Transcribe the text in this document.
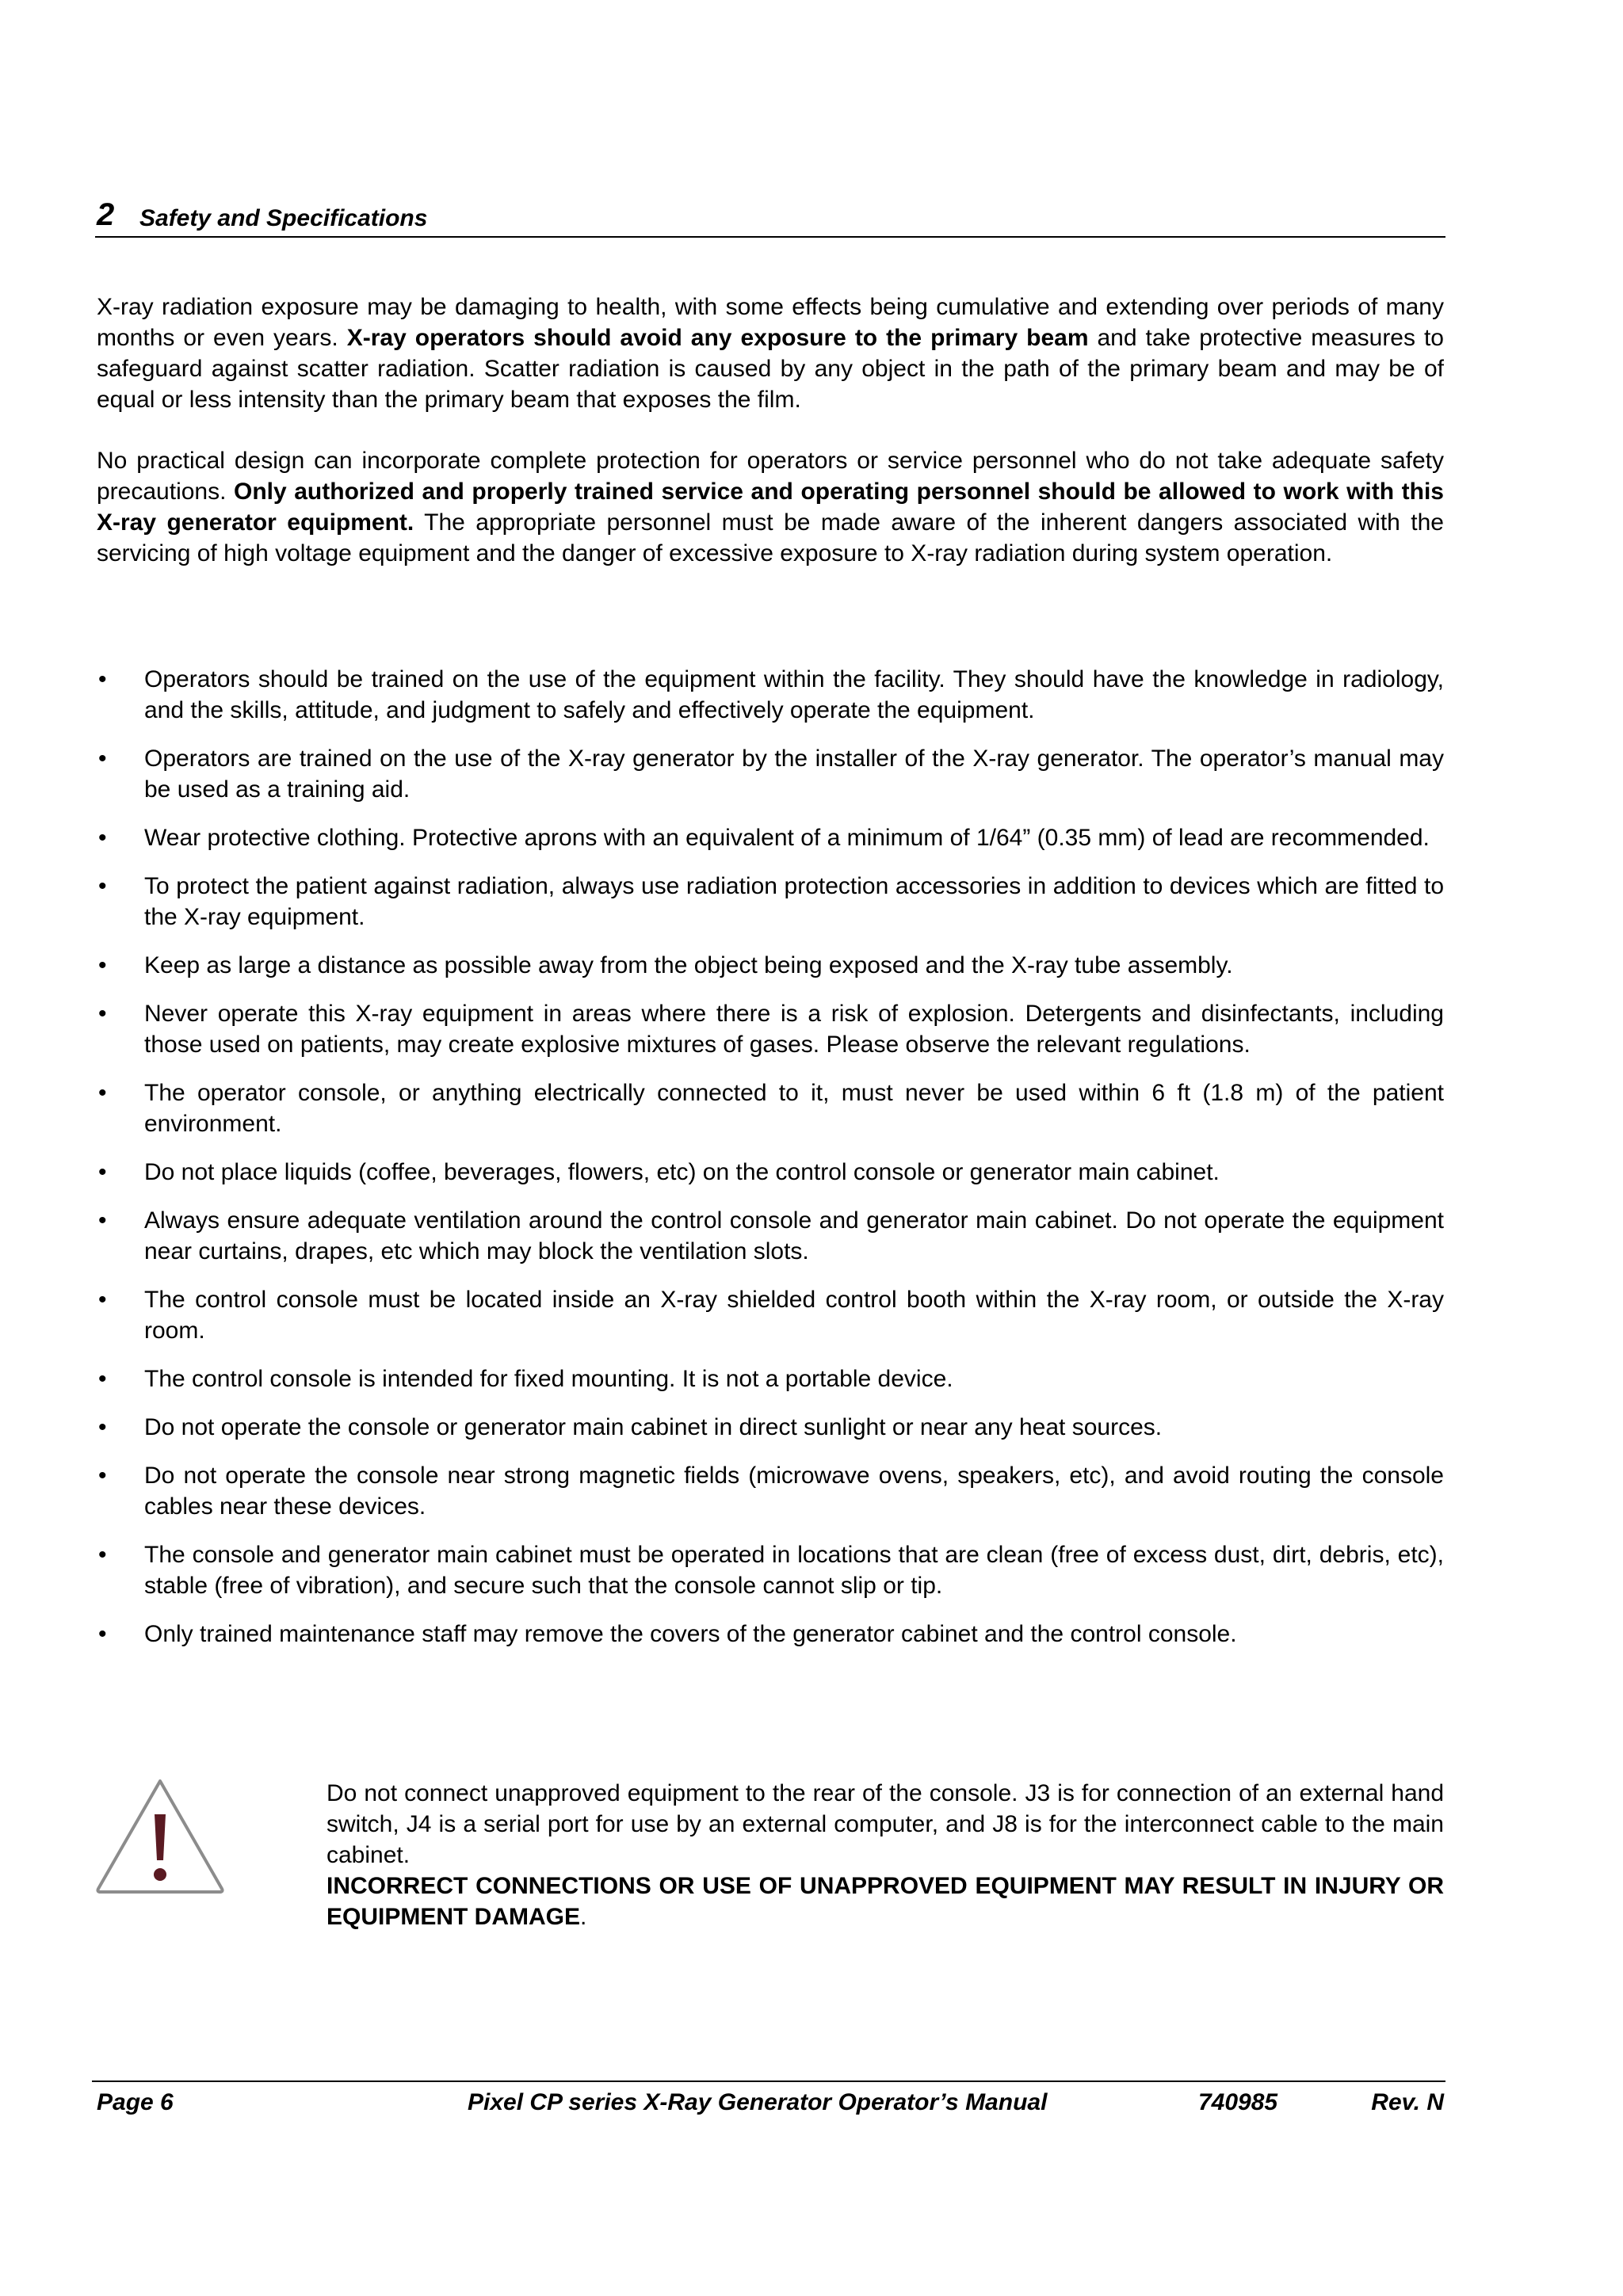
2 Safety and Specifications

X-ray radiation exposure may be damaging to health, with some effects being cumulative and extending over periods of many months or even years. X-ray operators should avoid any exposure to the primary beam and take protective measures to safeguard against scatter radiation. Scatter radiation is caused by any object in the path of the primary beam and may be of equal or less intensity than the primary beam that exposes the film.

No practical design can incorporate complete protection for operators or service personnel who do not take adequate safety precautions. Only authorized and properly trained service and operating personnel should be allowed to work with this X-ray generator equipment. The appropriate personnel must be made aware of the inherent dangers associated with the servicing of high voltage equipment and the danger of excessive exposure to X-ray radiation during system operation.

• Operators should be trained on the use of the equipment within the facility. They should have the knowledge in radiology, and the skills, attitude, and judgment to safely and effectively operate the equipment.
• Operators are trained on the use of the X-ray generator by the installer of the X-ray generator. The operator’s manual may be used as a training aid.
• Wear protective clothing. Protective aprons with an equivalent of a minimum of 1/64” (0.35 mm) of lead are recommended.
• To protect the patient against radiation, always use radiation protection accessories in addition to devices which are fitted to the X-ray equipment.
• Keep as large a distance as possible away from the object being exposed and the X-ray tube assembly.
• Never operate this X-ray equipment in areas where there is a risk of explosion. Detergents and disinfectants, including those used on patients, may create explosive mixtures of gases. Please observe the relevant regulations.
• The operator console, or anything electrically connected to it, must never be used within 6 ft (1.8 m) of the patient environment.
• Do not place liquids (coffee, beverages, flowers, etc) on the control console or generator main cabinet.
• Always ensure adequate ventilation around the control console and generator main cabinet. Do not operate the equipment near curtains, drapes, etc which may block the ventilation slots.
• The control console must be located inside an X-ray shielded control booth within the X-ray room, or outside the X-ray room.
• The control console is intended for fixed mounting. It is not a portable device.
• Do not operate the console or generator main cabinet in direct sunlight or near any heat sources.
• Do not operate the console near strong magnetic fields (microwave ovens, speakers, etc), and avoid routing the console cables near these devices.
• The console and generator main cabinet must be operated in locations that are clean (free of excess dust, dirt, debris, etc), stable (free of vibration), and secure such that the console cannot slip or tip.
• Only trained maintenance staff may remove the covers of the generator cabinet and the control console.
Do not connect unapproved equipment to the rear of the console. J3 is for connection of an external hand switch, J4 is a serial port for use by an external computer, and J8 is for the interconnect cable to the main cabinet.
INCORRECT CONNECTIONS OR USE OF UNAPPROVED EQUIPMENT MAY RESULT IN INJURY OR EQUIPMENT DAMAGE.
Page 6	Pixel CP series X-Ray Generator Operator’s Manual	740985	Rev. N
